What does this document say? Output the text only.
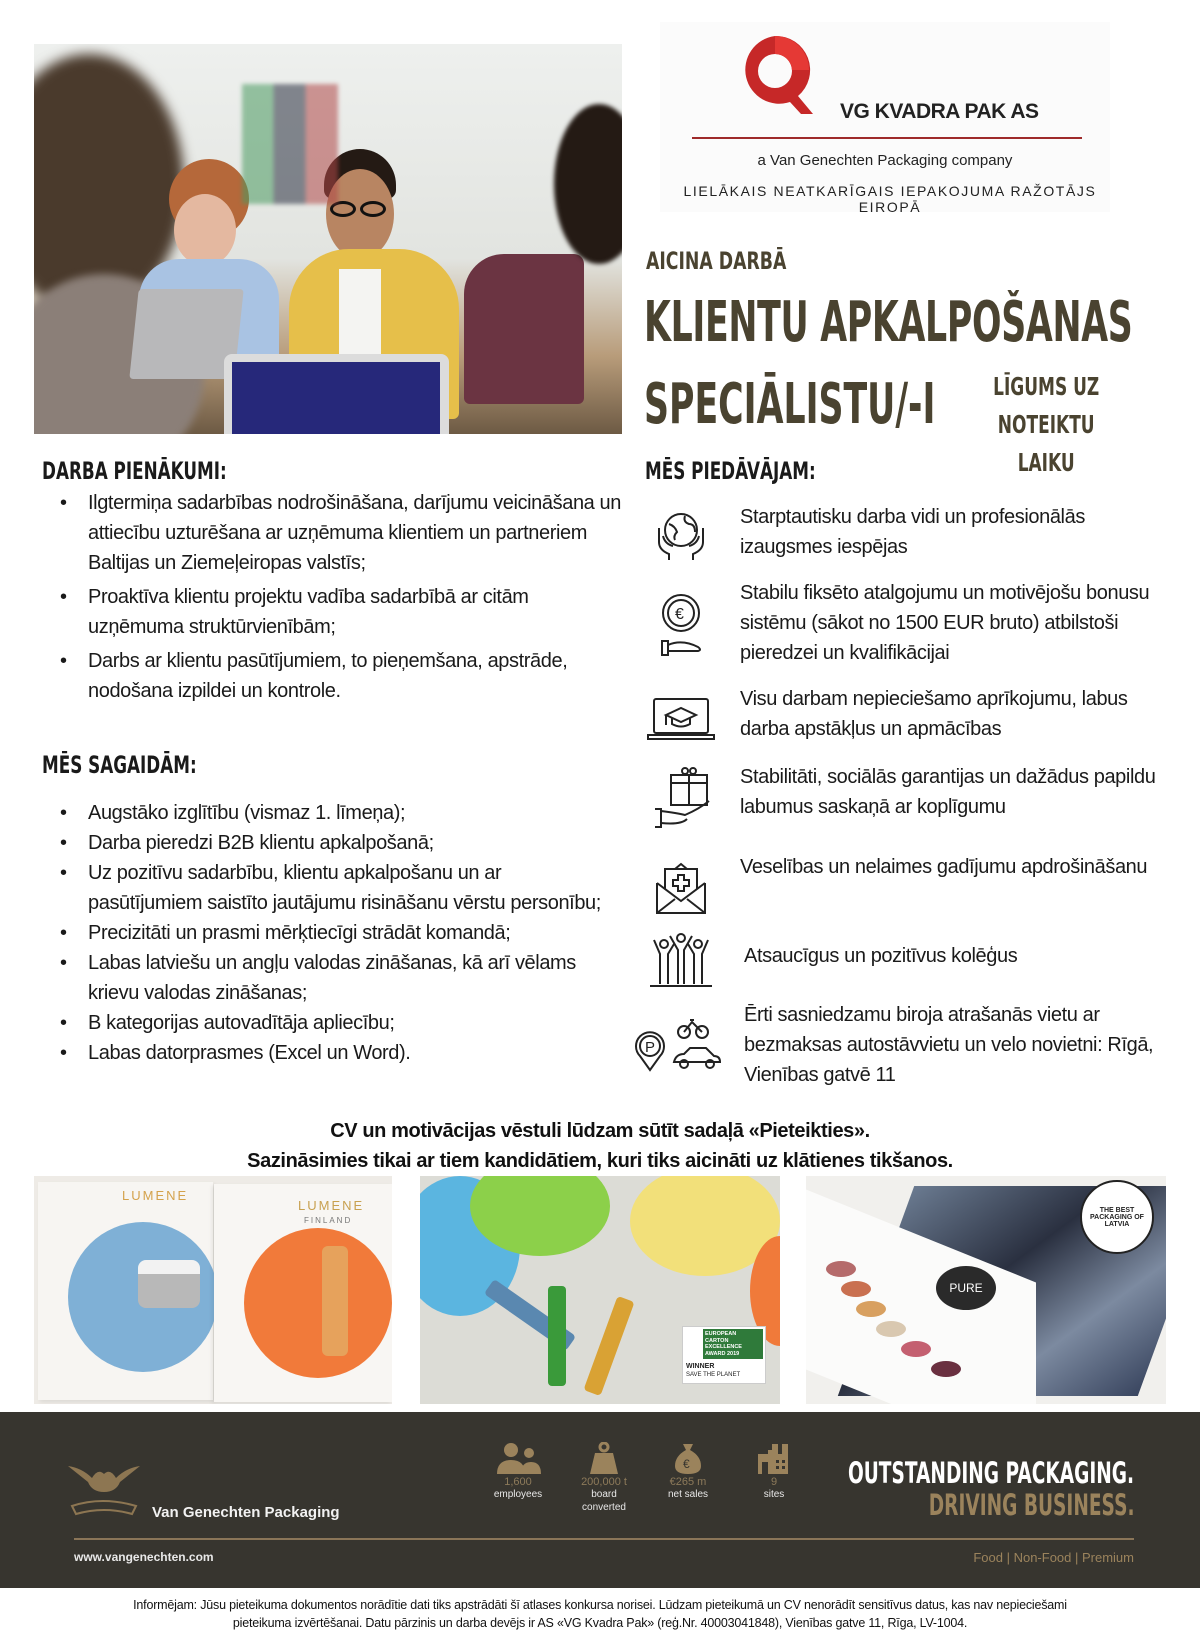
VG KVADRA PAK AS
a Van Genechten Packaging company
LIELĀKAIS NEATKARĪGAIS IEPAKOJUMA RAŽOTĀJS EIROPĀ
AICINA DARBĀ
KLIENTU APKALPOŠANAS
SPECIĀLISTU/-I	LĪGUMS UZ
NOTEIKTU LAIKU
DARBA PIENĀKUMI:
• Ilgtermiņa sadarbības nodrošināšana, darījumu veicināšana un attiecību uzturēšana ar uzņēmuma klientiem un partneriem Baltijas un Ziemeļeiropas valstīs;
• Proaktīva klientu projektu vadība sadarbībā ar citām uzņēmuma struktūrvienībām;
• Darbs ar klientu pasūtījumiem, to pieņemšana, apstrāde, nodošana izpildei un kontrole.
MĒS SAGAIDĀM:
• Augstāko izglītību (vismaz 1. līmeņa);
• Darba pieredzi B2B klientu apkalpošanā;
• Uz pozitīvu sadarbību, klientu apkalpošanu un ar pasūtījumiem saistīto jautājumu risināšanu vērstu personību;
• Precizitāti un prasmi mērķtiecīgi strādāt komandā;
• Labas latviešu un angļu valodas zināšanas, kā arī vēlams krievu valodas zināšanas;
• B kategorijas autovadītāja apliecību;
• Labas datorprasmes (Excel un Word).
MĒS PIEDĀVĀJAM:
Starptautisku darba vidi un profesionālās izaugsmes iespējas
€
Stabilu fiksēto atalgojumu un motivējošu bonusu sistēmu (sākot no 1500 EUR bruto) atbilstoši pieredzei un kvalifikācijai
Visu darbam nepieciešamo aprīkojumu, labus darba apstākļus un apmācības
Stabilitāti, sociālās garantijas un dažādus papildu labumus saskaņā ar koplīgumu
Veselības un nelaimes gadījumu apdrošināšanu
Atsaucīgus un pozitīvus kolēģus
P
Ērti sasniedzamu biroja atrašanās vietu ar bezmaksas autostāvvietu un velo novietni: Rīgā, Vienības gatvē 11
CV un motivācijas vēstuli lūdzam sūtīt sadaļā «Pieteikties».
Sazināsimies tikai ar tiem kandidātiem, kuri tiks aicināti uz klātienes tikšanos.
LUMENE
LUMENE
FINLAND
EUROPEAN CARTON EXCELLENCE AWARD 2019
WINNER
SAVE THE PLANET
PURE
THE BEST PACKAGING OF LATVIA
Van Genechten Packaging
1,600
employees
200,000 t
board converted
€
€265 m
net sales
9
sites
OUTSTANDING PACKAGING.
DRIVING BUSINESS.
www.vangenechten.com	Food | Non-Food | Premium
Informējam: Jūsu pieteikuma dokumentos norādītie dati tiks apstrādāti šī atlases konkursa norisei. Lūdzam pieteikumā un CV nenorādīt sensitīvus datus, kas nav nepieciešami
pieteikuma izvērtēšanai. Datu pārzinis un darba devējs ir AS «VG Kvadra Pak» (reģ.Nr. 40003041848), Vienības gatve 11, Rīga, LV-1004.
